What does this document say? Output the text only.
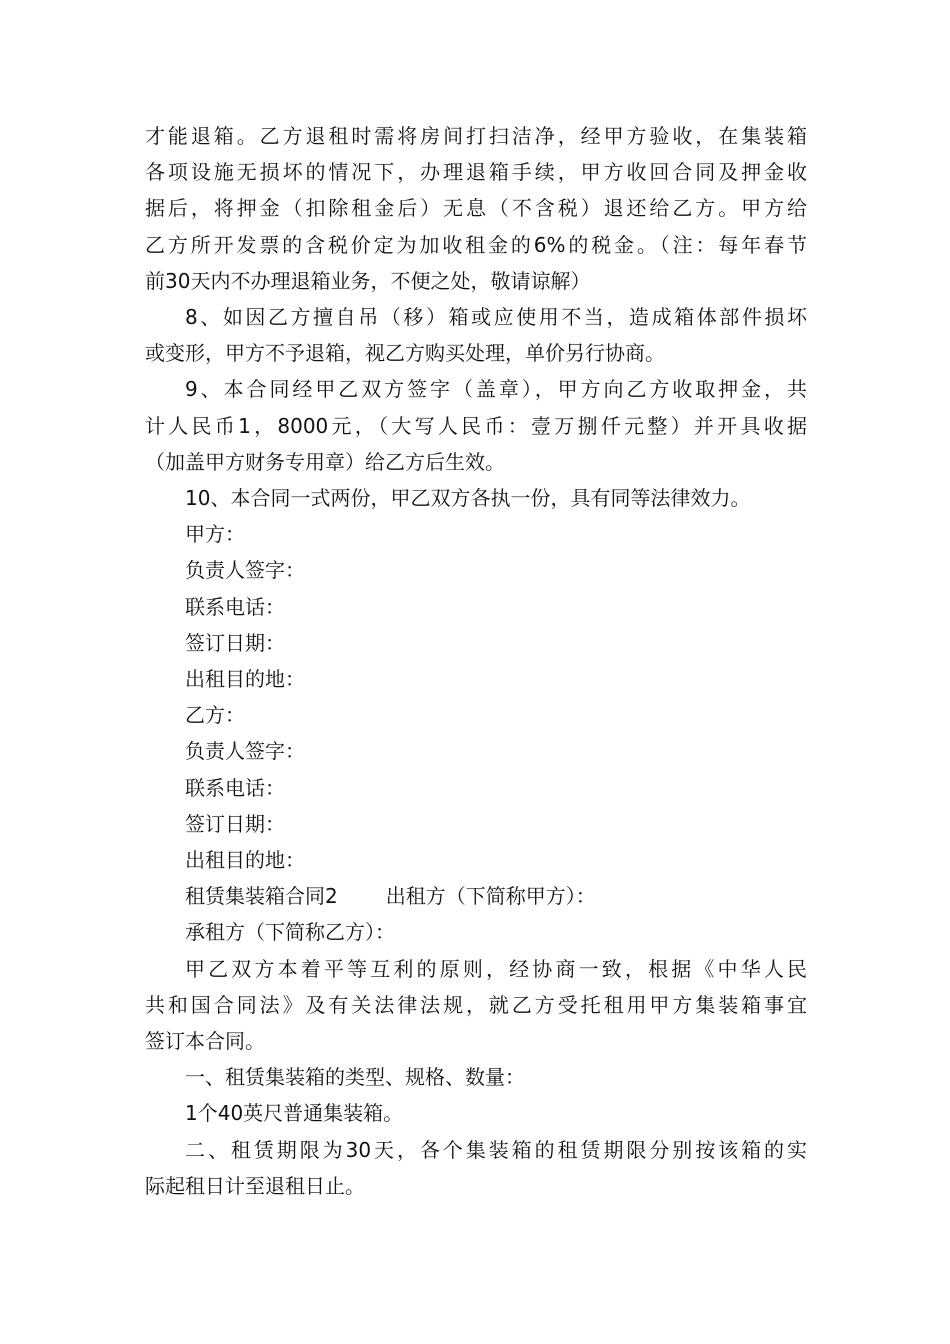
才能退箱。乙方退租时需将房间打扫洁净，经甲方验收，在集装箱
各项设施无损坏的情况下，办理退箱手续，甲方收回合同及押金收
据后，将押金（扣除租金后）无息（不含税）退还给乙方。甲方给
乙方所开发票的含税价定为加收租金的6%的税金。（注：每年春节
前30天内不办理退箱业务，不便之处，敬请谅解）
8、如因乙方擅自吊（移）箱或应使用不当，造成箱体部件损坏
或变形，甲方不予退箱，视乙方购买处理，单价另行协商。
9、本合同经甲乙双方签字（盖章），甲方向乙方收取押金，共
计人民币1，8000元，（大写人民币：壹万捌仟元整）并开具收据
（加盖甲方财务专用章）给乙方后生效。
10、本合同一式两份，甲乙双方各执一份，具有同等法律效力。
甲方：
负责人签字：
联系电话：
签订日期：
出租目的地：
乙方：
负责人签字：
联系电话：
签订日期：
出租目的地：
租赁集装箱合同2 出租方（下简称甲方）：
承租方（下简称乙方）：
甲乙双方本着平等互利的原则，经协商一致，根据《中华人民
共和国合同法》及有关法律法规，就乙方受托租用甲方集装箱事宜
签订本合同。
一、租赁集装箱的类型、规格、数量：
1个40英尺普通集装箱。
二、租赁期限为30天，各个集装箱的租赁期限分别按该箱的实
际起租日计至退租日止。
